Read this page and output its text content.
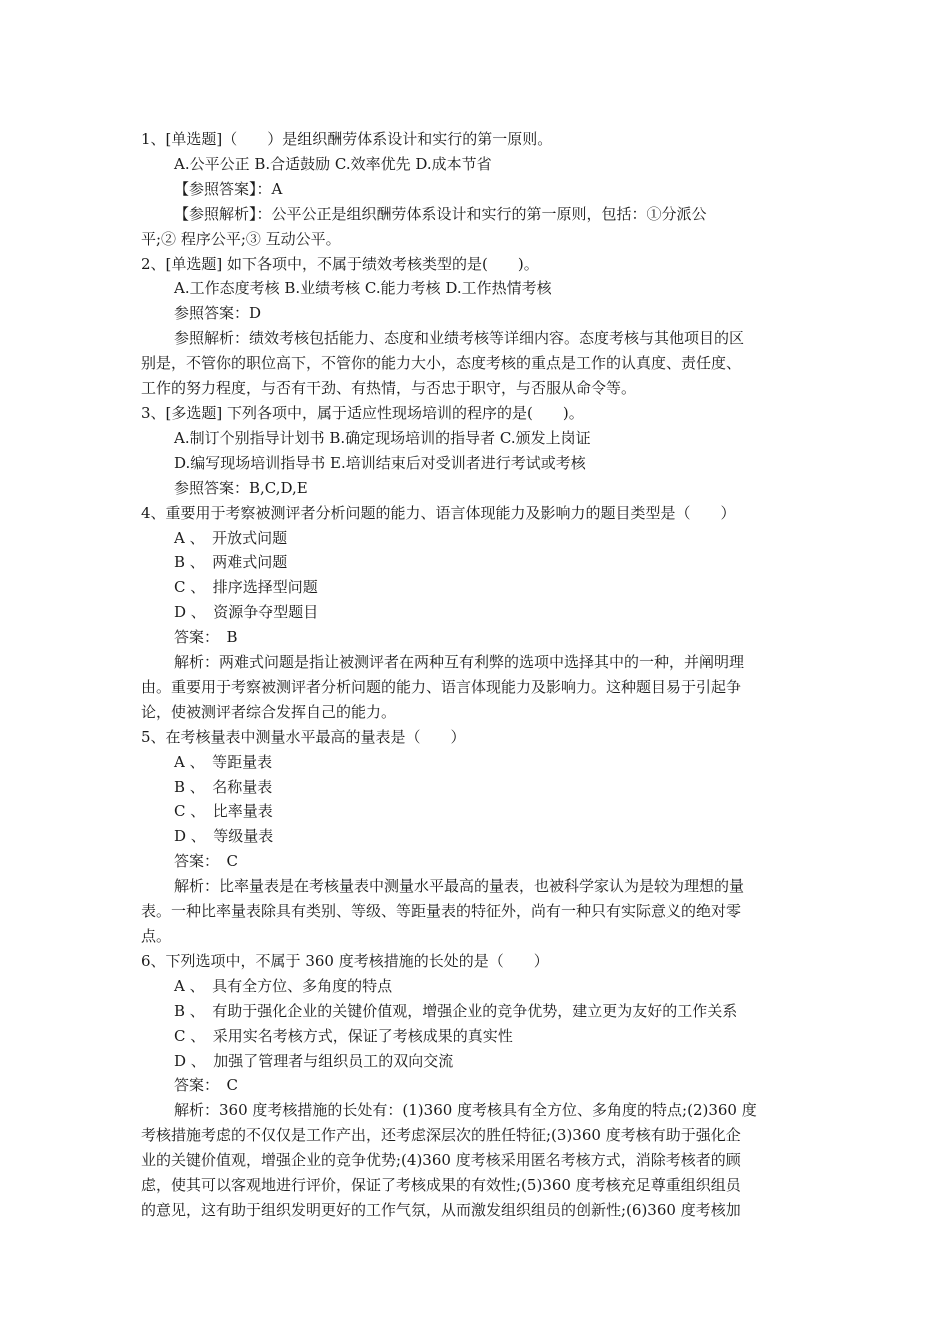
1、[单选题]（　　）是组织酬劳体系设计和实行的第一原则。
A.公平公正 B.合适鼓励 C.效率优先 D.成本节省
【参照答案】：A
【参照解析】：公平公正是组织酬劳体系设计和实行的第一原则，包括：①分派公
平;② 程序公平;③ 互动公平。
2、[单选题] 如下各项中，不属于绩效考核类型的是(　　)。
A.工作态度考核 B.业绩考核 C.能力考核 D.工作热情考核
参照答案：D
参照解析：绩效考核包括能力、态度和业绩考核等详细内容。态度考核与其他项目的区
别是，不管你的职位高下，不管你的能力大小，态度考核的重点是工作的认真度、责任度、
工作的努力程度，与否有干劲、有热情，与否忠于职守，与否服从命令等。
3、[多选题] 下列各项中，属于适应性现场培训的程序的是(　　)。
A.制订个别指导计划书 B.确定现场培训的指导者 C.颁发上岗证
D.编写现场培训指导书 E.培训结束后对受训者进行考试或考核
参照答案：B,C,D,E
4、重要用于考察被测评者分析问题的能力、语言体现能力及影响力的题目类型是（　　）
A 、　开放式问题
B 、　两难式问题
C 、　排序选择型问题
D 、　资源争夺型题目
答案：　B
解析：两难式问题是指让被测评者在两种互有利弊的选项中选择其中的一种，并阐明理
由。重要用于考察被测评者分析问题的能力、语言体现能力及影响力。这种题目易于引起争
论，使被测评者综合发挥自己的能力。
5、在考核量表中测量水平最高的量表是（　　）
A 、　等距量表
B 、　名称量表
C 、　比率量表
D 、　等级量表
答案：　C
解析：比率量表是在考核量表中测量水平最高的量表，也被科学家认为是较为理想的量
表。一种比率量表除具有类别、等级、等距量表的特征外，尚有一种只有实际意义的绝对零
点。
6、下列选项中，不属于 360 度考核措施的长处的是（　　）
A 、　具有全方位、多角度的特点
B 、　有助于强化企业的关键价值观，增强企业的竞争优势，建立更为友好的工作关系
C 、　采用实名考核方式，保证了考核成果的真实性
D 、　加强了管理者与组织员工的双向交流
答案：　C
解析：360 度考核措施的长处有：(1)360 度考核具有全方位、多角度的特点;(2)360 度
考核措施考虑的不仅仅是工作产出，还考虑深层次的胜任特征;(3)360 度考核有助于强化企
业的关键价值观，增强企业的竞争优势;(4)360 度考核采用匿名考核方式，消除考核者的顾
虑，使其可以客观地进行评价，保证了考核成果的有效性;(5)360 度考核充足尊重组织组员
的意见，这有助于组织发明更好的工作气氛，从而激发组织组员的创新性;(6)360 度考核加
